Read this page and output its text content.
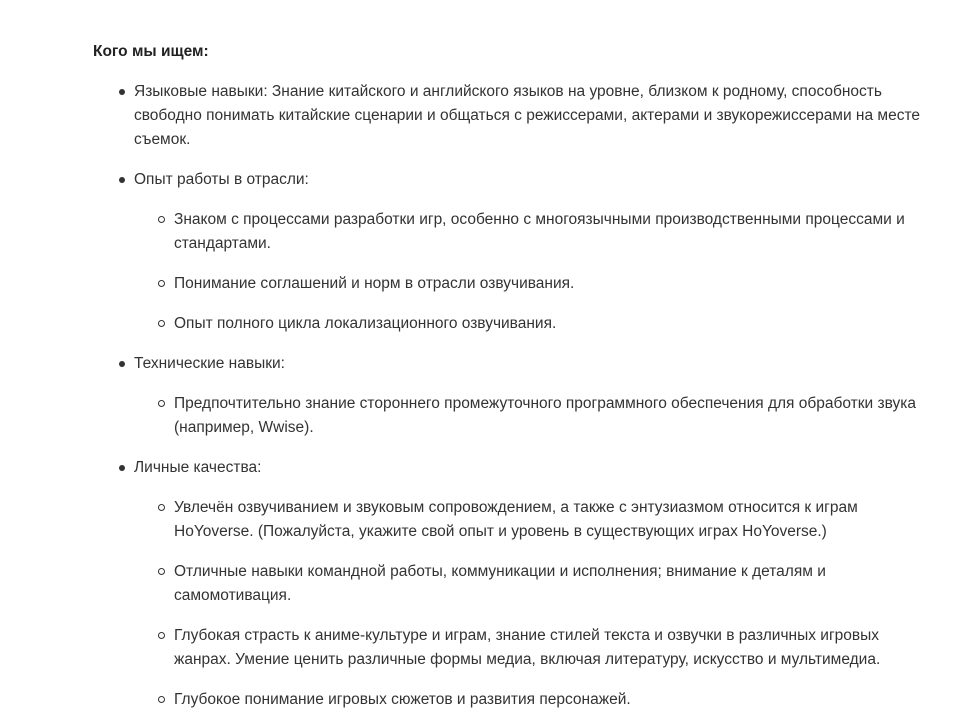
Кого мы ищем:
Языковые навыки: Знание китайского и английского языков на уровне, близком к родному, способность свободно понимать китайские сценарии и общаться с режиссерами, актерами и звукорежиссерами на месте съемок.
Опыт работы в отрасли:
Знаком с процессами разработки игр, особенно с многоязычными производственными процессами и стандартами.
Понимание соглашений и норм в отрасли озвучивания.
Опыт полного цикла локализационного озвучивания.
Технические навыки:
Предпочтительно знание стороннего промежуточного программного обеспечения для обработки звука (например, Wwise).
Личные качества:
Увлечён озвучиванием и звуковым сопровождением, а также с энтузиазмом относится к играм HoYoverse. (Пожалуйста, укажите свой опыт и уровень в существующих играх HoYoverse.)
Отличные навыки командной работы, коммуникации и исполнения; внимание к деталям и самомотивация.
Глубокая страсть к аниме-культуре и играм, знание стилей текста и озвучки в различных игровых жанрах. Умение ценить различные формы медиа, включая литературу, искусство и мультимедиа.
Глубокое понимание игровых сюжетов и развития персонажей.
